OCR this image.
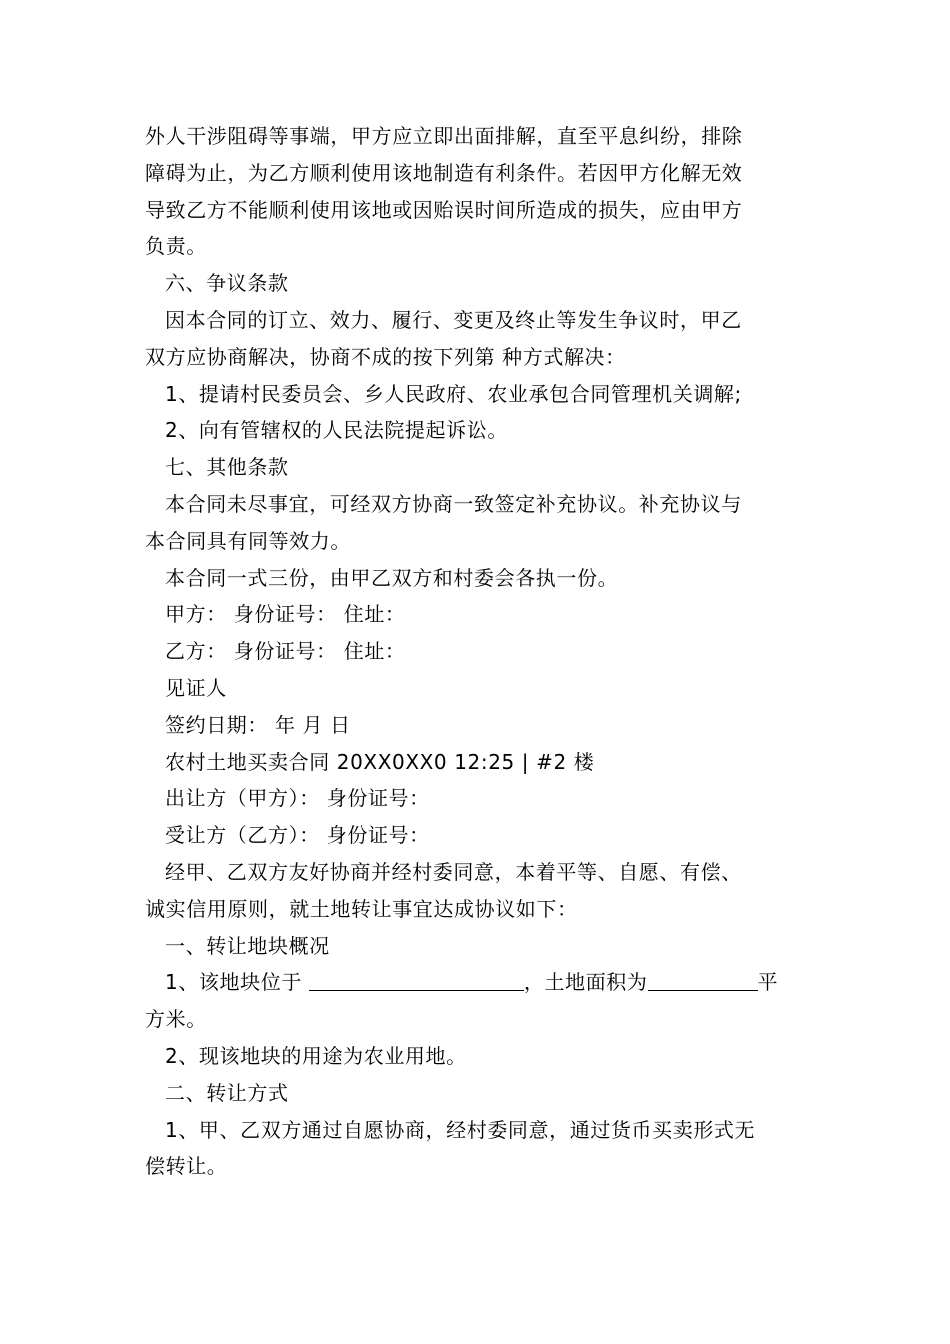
外人干涉阻碍等事端，甲方应立即出面排解，直至平息纠纷，排除
障碍为止，为乙方顺利使用该地制造有利条件。若因甲方化解无效
导致乙方不能顺利使用该地或因贻误时间所造成的损失，应由甲方
负责。
六、争议条款
因本合同的订立、效力、履行、变更及终止等发生争议时，甲乙
双方应协商解决，协商不成的按下列第 种方式解决：
1、提请村民委员会、乡人民政府、农业承包合同管理机关调解;
2、向有管辖权的人民法院提起诉讼。
七、其他条款
本合同未尽事宜，可经双方协商一致签定补充协议。补充协议与
本合同具有同等效力。
本合同一式三份，由甲乙双方和村委会各执一份。
甲方： 身份证号： 住址：
乙方： 身份证号： 住址：
见证人
签约日期： 年 月 日
农村土地买卖合同 20XX0XX0 12:25 | #2 楼
出让方（甲方）： 身份证号：
受让方（乙方）： 身份证号：
经甲、乙双方友好协商并经村委同意，本着平等、自愿、有偿、
诚实信用原则，就土地转让事宜达成协议如下：
一、转让地块概况
1、该地块位于	，土地面积为	平
方米。
2、现该地块的用途为农业用地。
二、转让方式
1、甲、乙双方通过自愿协商，经村委同意，通过货币买卖形式无
偿转让。
